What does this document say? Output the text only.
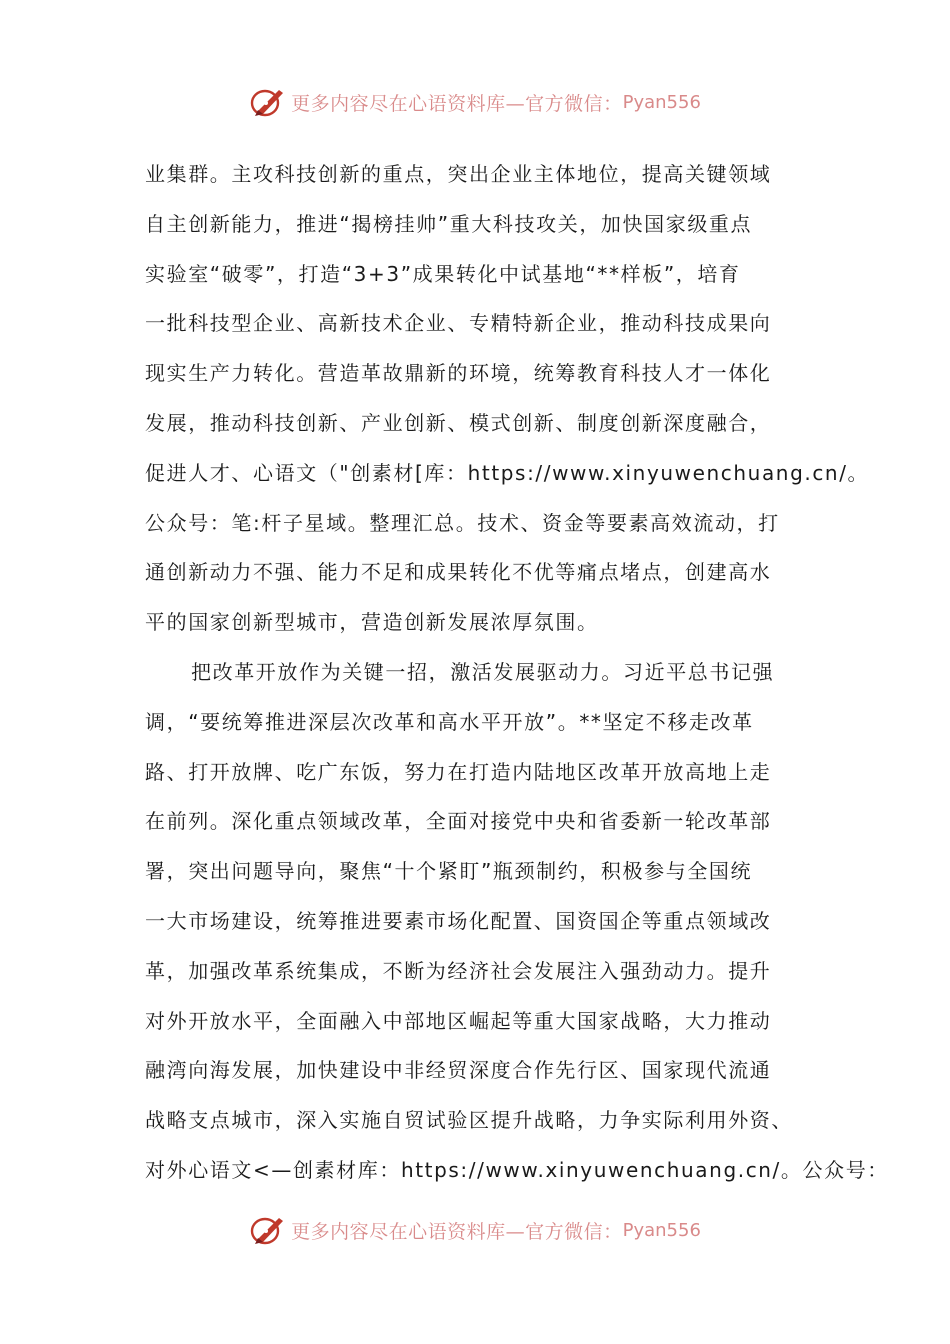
更多内容尽在心语资料库—官方微信： Pyan556
业集群。主攻科技创新的重点，突出企业主体地位，提高关键领域
自主创新能力，推进“揭榜挂帅”重大科技攻关，加快国家级重点
实验室“破零”，打造“3+3”成果转化中试基地“**样板”，培育
一批科技型企业、高新技术企业、专精特新企业，推动科技成果向
现实生产力转化。营造革故鼎新的环境，统筹教育科技人才一体化
发展，推动科技创新、产业创新、模式创新、制度创新深度融合，
促进人才、心语文（"创素材[库：https://www.xinyuwenchuang.cn/。
公众号：笔:杆子星域。整理汇总。技术、资金等要素高效流动，打
通创新动力不强、能力不足和成果转化不优等痛点堵点，创建高水
平的国家创新型城市，营造创新发展浓厚氛围。
把改革开放作为关键一招，激活发展驱动力。习近平总书记强
调，“要统筹推进深层次改革和高水平开放”。**坚定不移走改革
路、打开放牌、吃广东饭，努力在打造内陆地区改革开放高地上走
在前列。深化重点领域改革，全面对接党中央和省委新一轮改革部
署，突出问题导向，聚焦“十个紧盯”瓶颈制约，积极参与全国统
一大市场建设，统筹推进要素市场化配置、国资国企等重点领域改
革，加强改革系统集成，不断为经济社会发展注入强劲动力。提升
对外开放水平，全面融入中部地区崛起等重大国家战略，大力推动
融湾向海发展，加快建设中非经贸深度合作先行区、国家现代流通
战略支点城市，深入实施自贸试验区提升战略，力争实际利用外资、
对外心语文<—创素材库：https://www.xinyuwenchuang.cn/。公众号：
更多内容尽在心语资料库—官方微信： Pyan556
